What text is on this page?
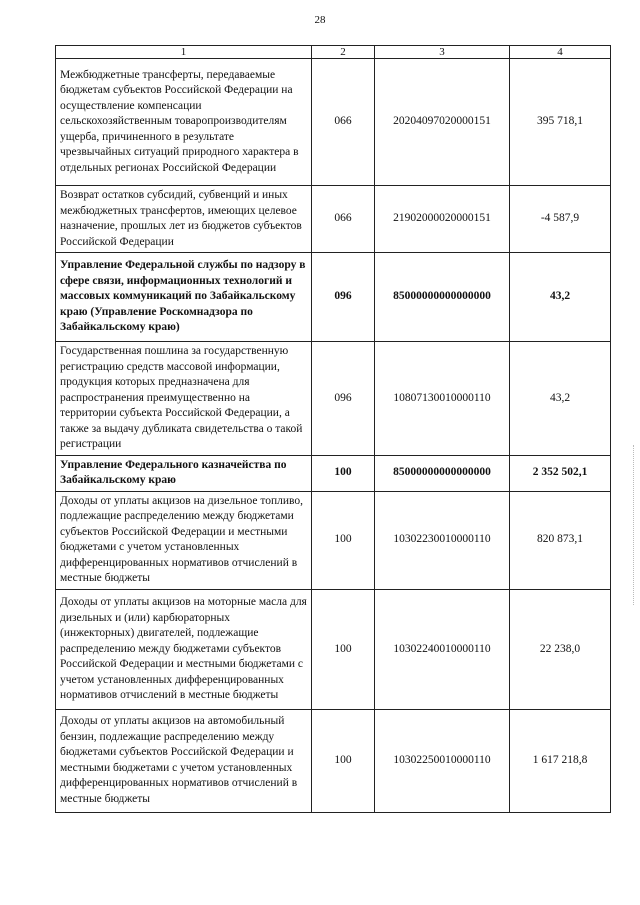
28
1	2	3	4
Межбюджетные трансферты, передаваемые бюджетам субъектов Российской Федерации на осуществление компенсации сельскохозяйственным товаропроизводителям ущерба, причиненного в результате чрезвычайных ситуаций природного характера в отдельных регионах Российской Федерации	066	20204097020000151	395 718,1
Возврат остатков субсидий, субвенций и иных межбюджетных трансфертов, имеющих целевое назначение, прошлых лет из бюджетов субъектов Российской Федерации	066	21902000020000151	-4 587,9
Управление Федеральной службы по надзору в сфере связи, информационных технологий и массовых коммуникаций по Забайкальскому краю (Управление Роскомнадзора по Забайкальскому краю)	096	85000000000000000	43,2
Государственная пошлина за государственную регистрацию средств массовой информации, продукция которых предназначена для распространения преимущественно на территории субъекта Российской Федерации, а также за выдачу дубликата свидетельства о такой регистрации	096	10807130010000110	43,2
Управление Федерального казначейства по Забайкальскому краю	100	85000000000000000	2 352 502,1
Доходы от уплаты акцизов на дизельное топливо, подлежащие распределению между бюджетами субъектов Российской Федерации и местными бюджетами с учетом установленных дифференцированных нормативов отчислений в местные бюджеты	100	10302230010000110	820 873,1
Доходы от уплаты акцизов на моторные масла для дизельных и (или) карбюраторных (инжекторных) двигателей, подлежащие распределению между бюджетами субъектов Российской Федерации и местными бюджетами с учетом установленных дифференцированных нормативов отчислений в местные бюджеты	100	10302240010000110	22 238,0
Доходы от уплаты акцизов на автомобильный бензин, подлежащие распределению между бюджетами субъектов Российской Федерации и местными бюджетами с учетом установленных дифференцированных нормативов отчислений в местные бюджеты	100	10302250010000110	1 617 218,8
